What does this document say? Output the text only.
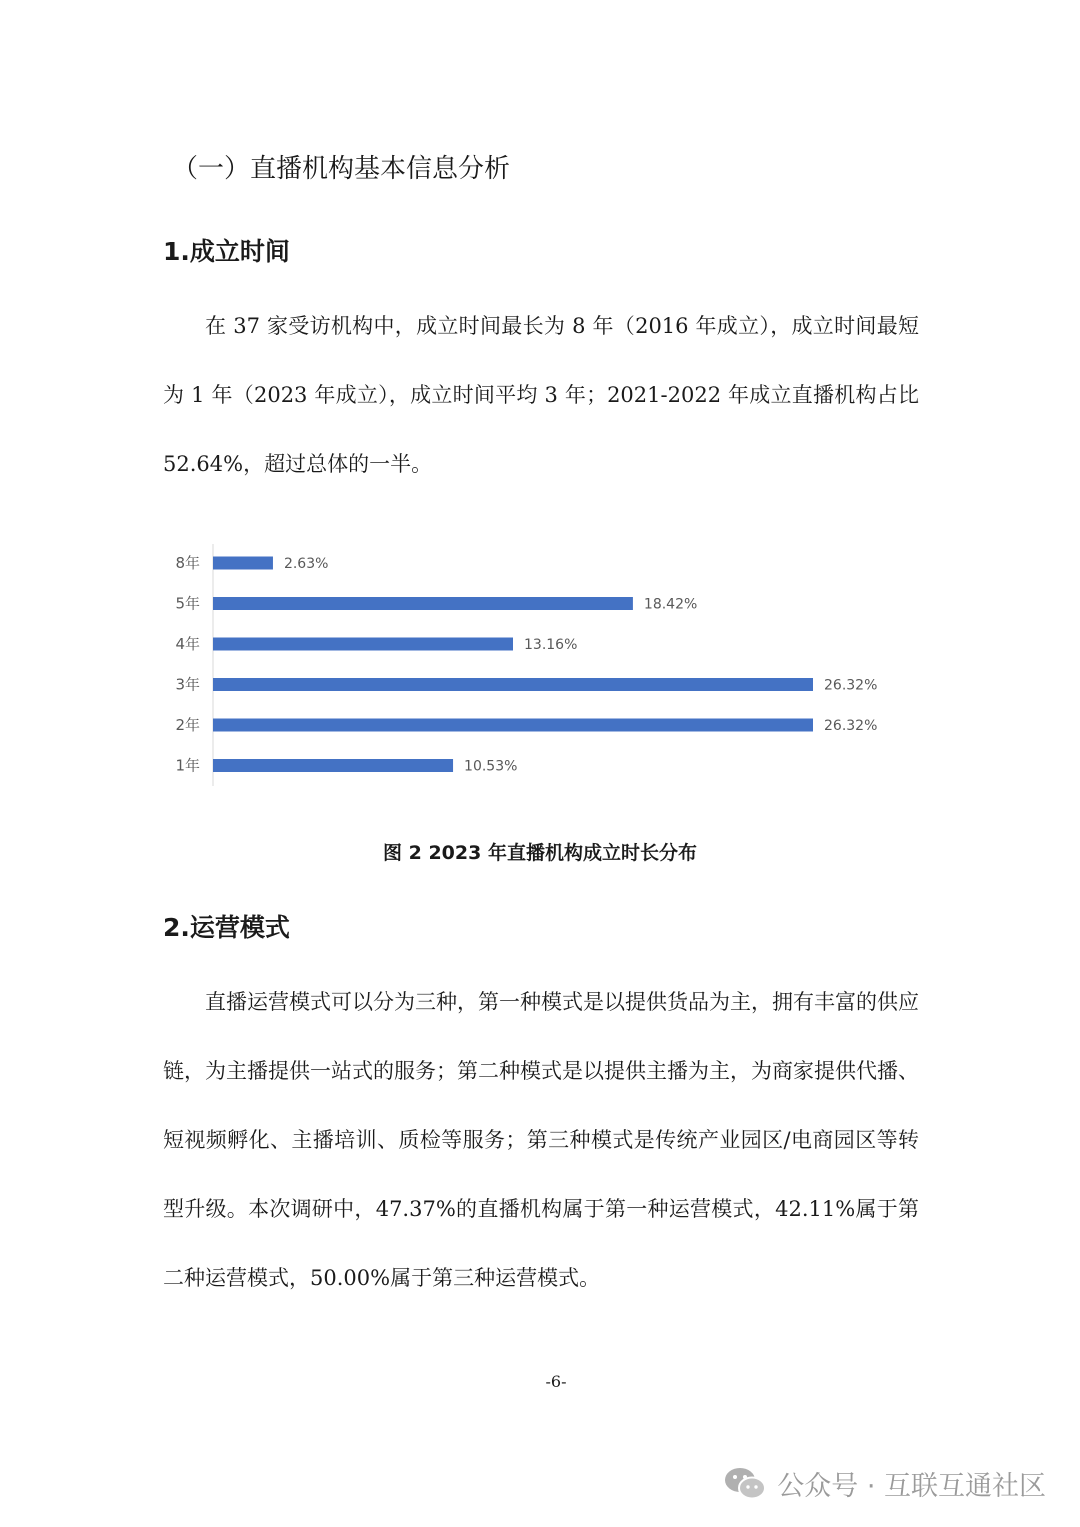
（一）直播机构基本信息分析
1.成立时间

在 37 家受访机构中，成立时间最长为 8 年（2016 年成立），成立时间最短为 1 年（2023 年成立），成立时间平均 3 年；2021-2022 年成立直播机构占比 52.64%，超过总体的一半。

8年	2.63%
5年	18.42%
4年	13.16%
3年	26.32%
2年	26.32%
1年	10.53%

图 2 2023 年直播机构成立时长分布

2.运营模式

直播运营模式可以分为三种，第一种模式是以提供货品为主，拥有丰富的供应链，为主播提供一站式的服务；第二种模式是以提供主播为主，为商家提供代播、短视频孵化、主播培训、质检等服务；第三种模式是传统产业园区/电商园区等转型升级。本次调研中，47.37%的直播机构属于第一种运营模式，42.11%属于第二种运营模式，50.00%属于第三种运营模式。

-6-
公众号 · 互联互通社区
